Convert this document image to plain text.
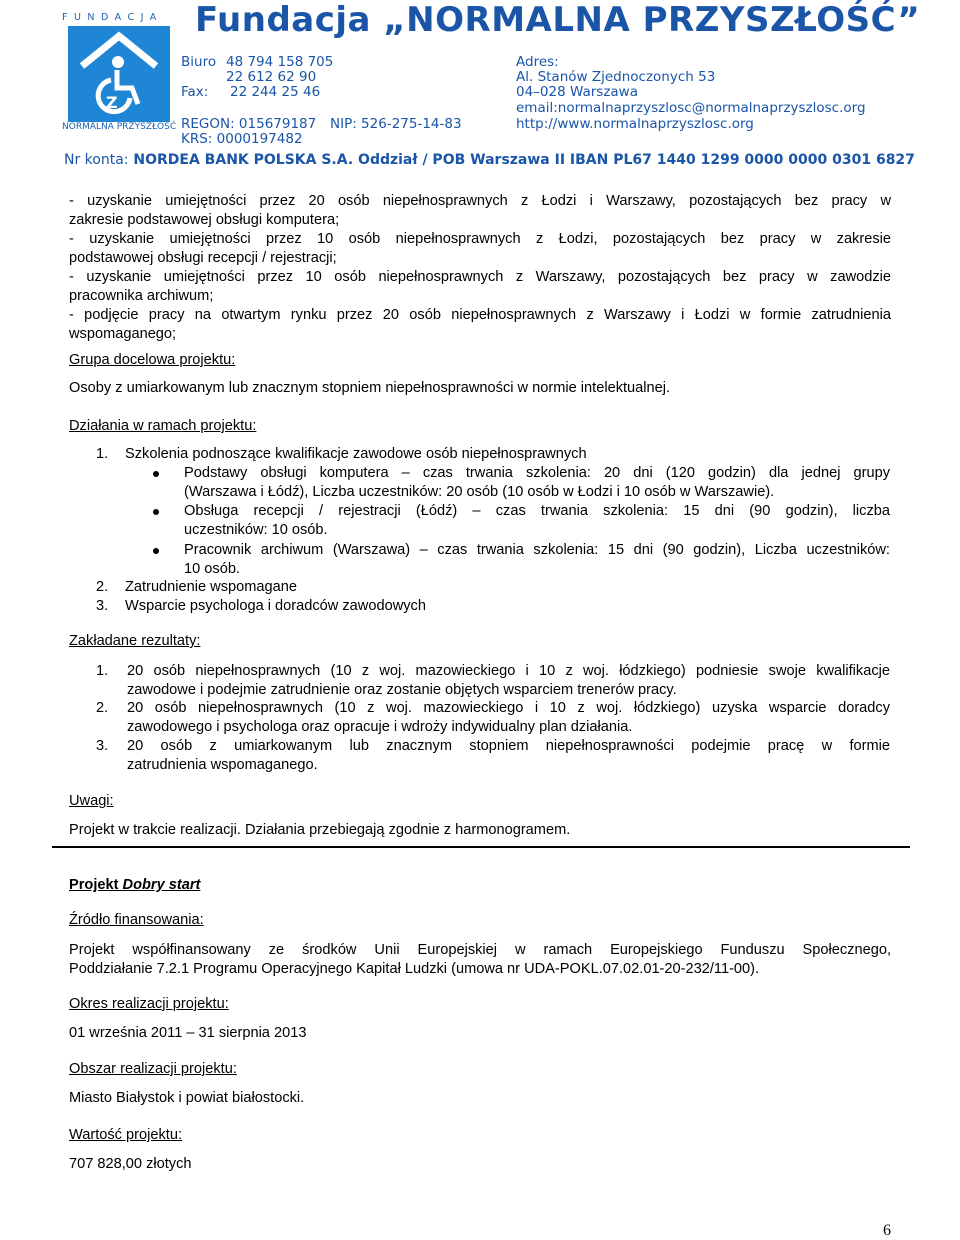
FUNDACJA
Z
NORMALNA PRZYSZŁOŚĆ
Fundacja „NORMALNA PRZYSZŁOŚĆ”
Biuro 48 794 158 705
22 612 62 90
Fax: 22 244 25 46
REGON: 015679187 NIP: 526-275-14-83
KRS: 0000197482
Adres:
Al. Stanów Zjednoczonych 53
04–028 Warszawa
email:normalnaprzyszlosc@normalnaprzyszlosc.org
http://www.normalnaprzyszlosc.org
Nr konta: NORDEA BANK POLSKA S.A. Oddział / POB Warszawa II IBAN PL67 1440 1299 0000 0000 0301 6827
- uzyskanie umiejętności przez 20 osób niepełnosprawnych z Łodzi i Warszawy, pozostających bez pracy w
zakresie podstawowej obsługi komputera;
- uzyskanie umiejętności przez 10 osób niepełnosprawnych z Łodzi, pozostających bez pracy w zakresie
podstawowej obsługi recepcji / rejestracji;
- uzyskanie umiejętności przez 10 osób niepełnosprawnych z Warszawy, pozostających bez pracy w zawodzie
pracownika archiwum;
- podjęcie pracy na otwartym rynku przez 20 osób niepełnosprawnych z Warszawy i Łodzi w formie zatrudnienia
wspomaganego;
Grupa docelowa projektu:
Osoby z umiarkowanym lub znacznym stopniem niepełnosprawności w normie intelektualnej.
Działania w ramach projektu:
1. Szkolenia podnoszące kwalifikacje zawodowe osób niepełnosprawnych
Podstawy obsługi komputera – czas trwania szkolenia: 20 dni (120 godzin) dla jednej grupy
(Warszawa i Łódź), Liczba uczestników: 20 osób (10 osób w Łodzi i 10 osób w Warszawie).
Obsługa recepcji / rejestracji (Łódź) – czas trwania szkolenia: 15 dni (90 godzin), liczba
uczestników: 10 osób.
Pracownik archiwum (Warszawa) – czas trwania szkolenia: 15 dni (90 godzin), Liczba uczestników:
10 osób.
2. Zatrudnienie wspomagane
3. Wsparcie psychologa i doradców zawodowych
Zakładane rezultaty:
1. 20 osób niepełnosprawnych (10 z woj. mazowieckiego i 10 z woj. łódzkiego) podniesie swoje kwalifikacje
zawodowe i podejmie zatrudnienie oraz zostanie objętych wsparciem trenerów pracy.
2. 20 osób niepełnosprawnych (10 z woj. mazowieckiego i 10 z woj. łódzkiego) uzyska wsparcie doradcy
zawodowego i psychologa oraz opracuje i wdroży indywidualny plan działania.
3. 20 osób z umiarkowanym lub znacznym stopniem niepełnosprawności podejmie pracę w formie
zatrudnienia wspomaganego.
Uwagi:
Projekt w trakcie realizacji. Działania przebiegają zgodnie z harmonogramem.
Projekt Dobry start
Źródło finansowania:
Projekt współfinansowany ze środków Unii Europejskiej w ramach Europejskiego Funduszu Społecznego,
Poddziałanie 7.2.1 Programu Operacyjnego Kapitał Ludzki (umowa nr UDA-POKL.07.02.01-20-232/11-00).
Okres realizacji projektu:
01 września 2011 – 31 sierpnia 2013
Obszar realizacji projektu:
Miasto Białystok i powiat białostocki.
Wartość projektu:
707 828,00 złotych
6
